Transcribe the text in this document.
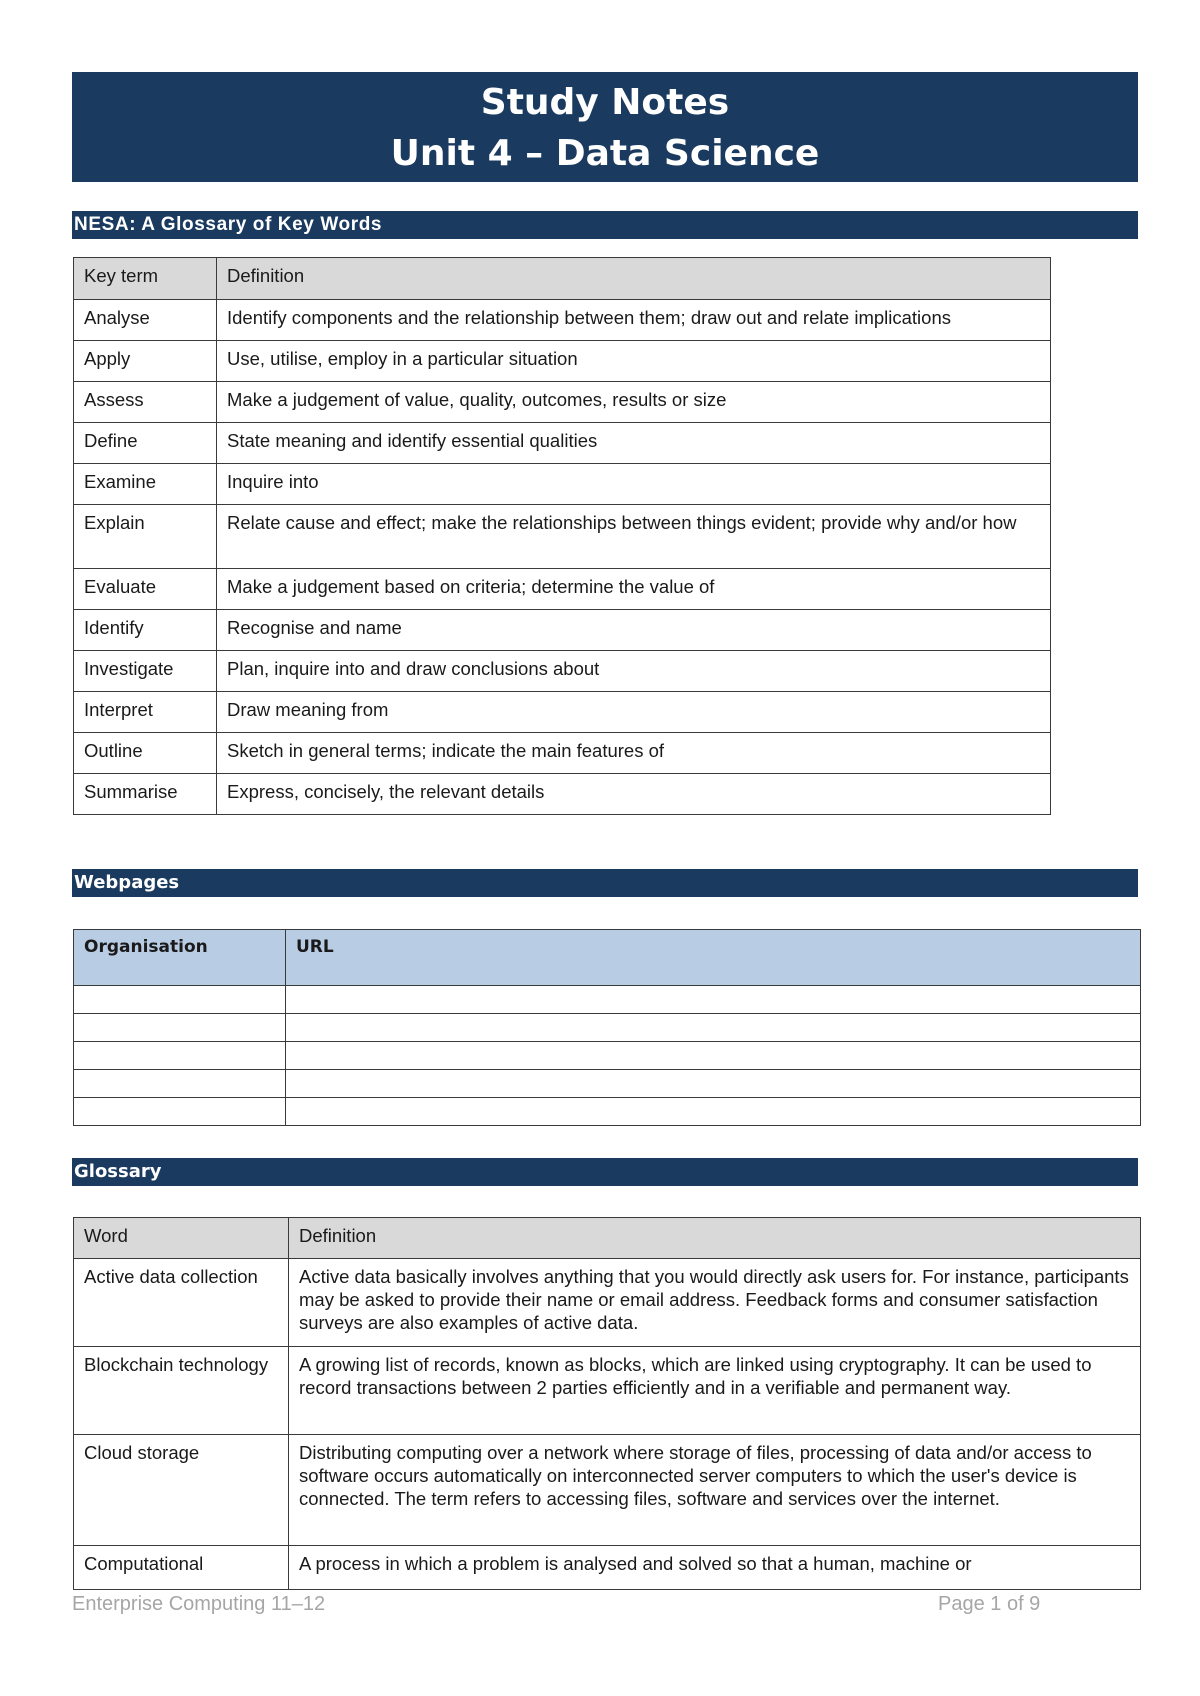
Study Notes
Unit 4 – Data Science
NESA: A Glossary of Key Words
Key term	Definition
Analyse	Identify components and the relationship between them; draw out and relate implications
Apply	Use, utilise, employ in a particular situation
Assess	Make a judgement of value, quality, outcomes, results or size
Define	State meaning and identify essential qualities
Examine	Inquire into
Explain	Relate cause and effect; make the relationships between things evident; provide why and/or how
Evaluate	Make a judgement based on criteria; determine the value of
Identify	Recognise and name
Investigate	Plan, inquire into and draw conclusions about
Interpret	Draw meaning from
Outline	Sketch in general terms; indicate the main features of
Summarise	Express, concisely, the relevant details
Webpages
Organisation	URL

Glossary
Word	Definition
Active data collection	Active data basically involves anything that you would directly ask users for. For instance, participants may be asked to provide their name or email address. Feedback forms and consumer satisfaction surveys are also examples of active data.
Blockchain technology	A growing list of records, known as blocks, which are linked using cryptography. It can be used to record transactions between 2 parties efficiently and in a verifiable and permanent way.
Cloud storage	Distributing computing over a network where storage of files, processing of data and/or access to software occurs automatically on interconnected server computers to which the user's device is connected. The term refers to accessing files, software and services over the internet.
Computational	A process in which a problem is analysed and solved so that a human, machine or
Enterprise Computing 11–12	Page 1 of 9
